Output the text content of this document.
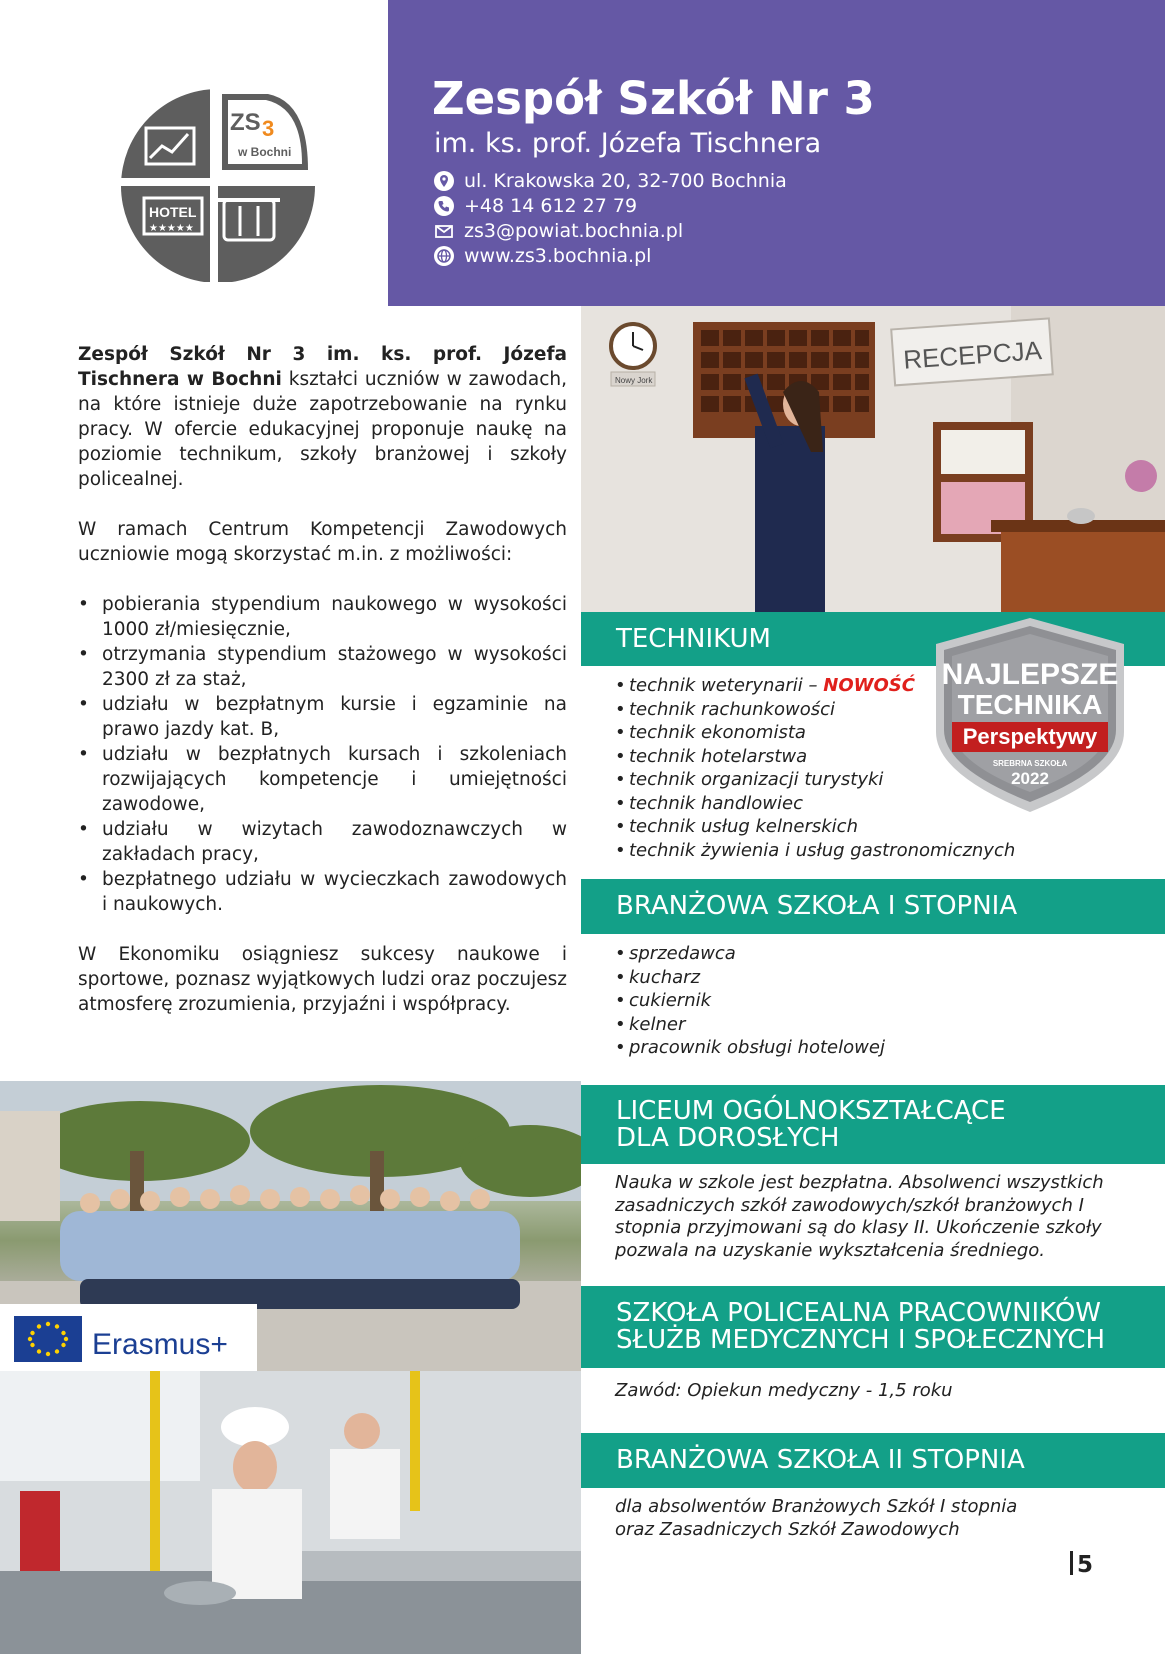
ZS 3
w Bochni
HOTEL
★★★★★
Zespół Szkół Nr 3
im. ks. prof. Józefa Tischnera
ul. Krakowska 20, 32-700 Bochnia
+48 14 612 27 79
zs3@powiat.bochnia.pl
www.zs3.bochnia.pl

Zespół Szkół Nr 3 im. ks. prof. Józefa Tischnera w Bochni kształci uczniów w zawodach, na które istnieje duże zapotrzebowanie na rynku pracy. W ofercie edukacyjnej proponuje naukę na poziomie technikum, szkoły branżowej i szkoły policealnej.

W ramach Centrum Kompetencji Zawodowych uczniowie mogą skorzystać m.in. z możliwości:

• pobierania stypendium naukowego w wysokości 1000 zł/miesięcznie,
• otrzymania stypendium stażowego w wysokości 2300 zł za staż,
• udziału w bezpłatnym kursie i egzaminie na prawo jazdy kat. B,
• udziału w bezpłatnych kursach i szkoleniach rozwijających kompetencje i umiejętności zawodowe,
• udziału w wizytach zawodoznawczych w zakładach pracy,
• bezpłatnego udziału w wycieczkach zawodowych i naukowych.

W Ekonomiku osiągniesz sukcesy naukowe i sportowe, poznasz wyjątkowych ludzi oraz poczujesz atmosferę zrozumienia, przyjaźni i współpracy.

Nowy Jork
RECEPCJA
TECHNIKUM
• technik weterynarii – NOWOŚĆ
• technik rachunkowości
• technik ekonomista
• technik hotelarstwa
• technik organizacji turystyki
• technik handlowiec
• technik usług kelnerskich
• technik żywienia i usług gastronomicznych
NAJLEPSZE
TECHNIKA
Perspektywy
SREBRNA SZKOŁA
2022
BRANŻOWA SZKOŁA I STOPNIA
• sprzedawca
• kucharz
• cukiernik
• kelner
• pracownik obsługi hotelowej
Erasmus+
LICEUM OGÓLNOKSZTAŁCĄCE
DLA DOROSŁYCH

Nauka w szkole jest bezpłatna. Absolwenci wszystkich zasadniczych szkół zawodowych/szkół branżowych I stopnia przyjmowani są do klasy II. Ukończenie szkoły pozwala na uzyskanie wykształcenia średniego.

SZKOŁA POLICEALNA PRACOWNIKÓW
SŁUŻB MEDYCZNYCH I SPOŁECZNYCH

Zawód: Opiekun medyczny - 1,5 roku

BRANŻOWA SZKOŁA II STOPNIA
dla absolwentów Branżowych Szkół I stopnia
oraz Zasadniczych Szkół Zawodowych
5
